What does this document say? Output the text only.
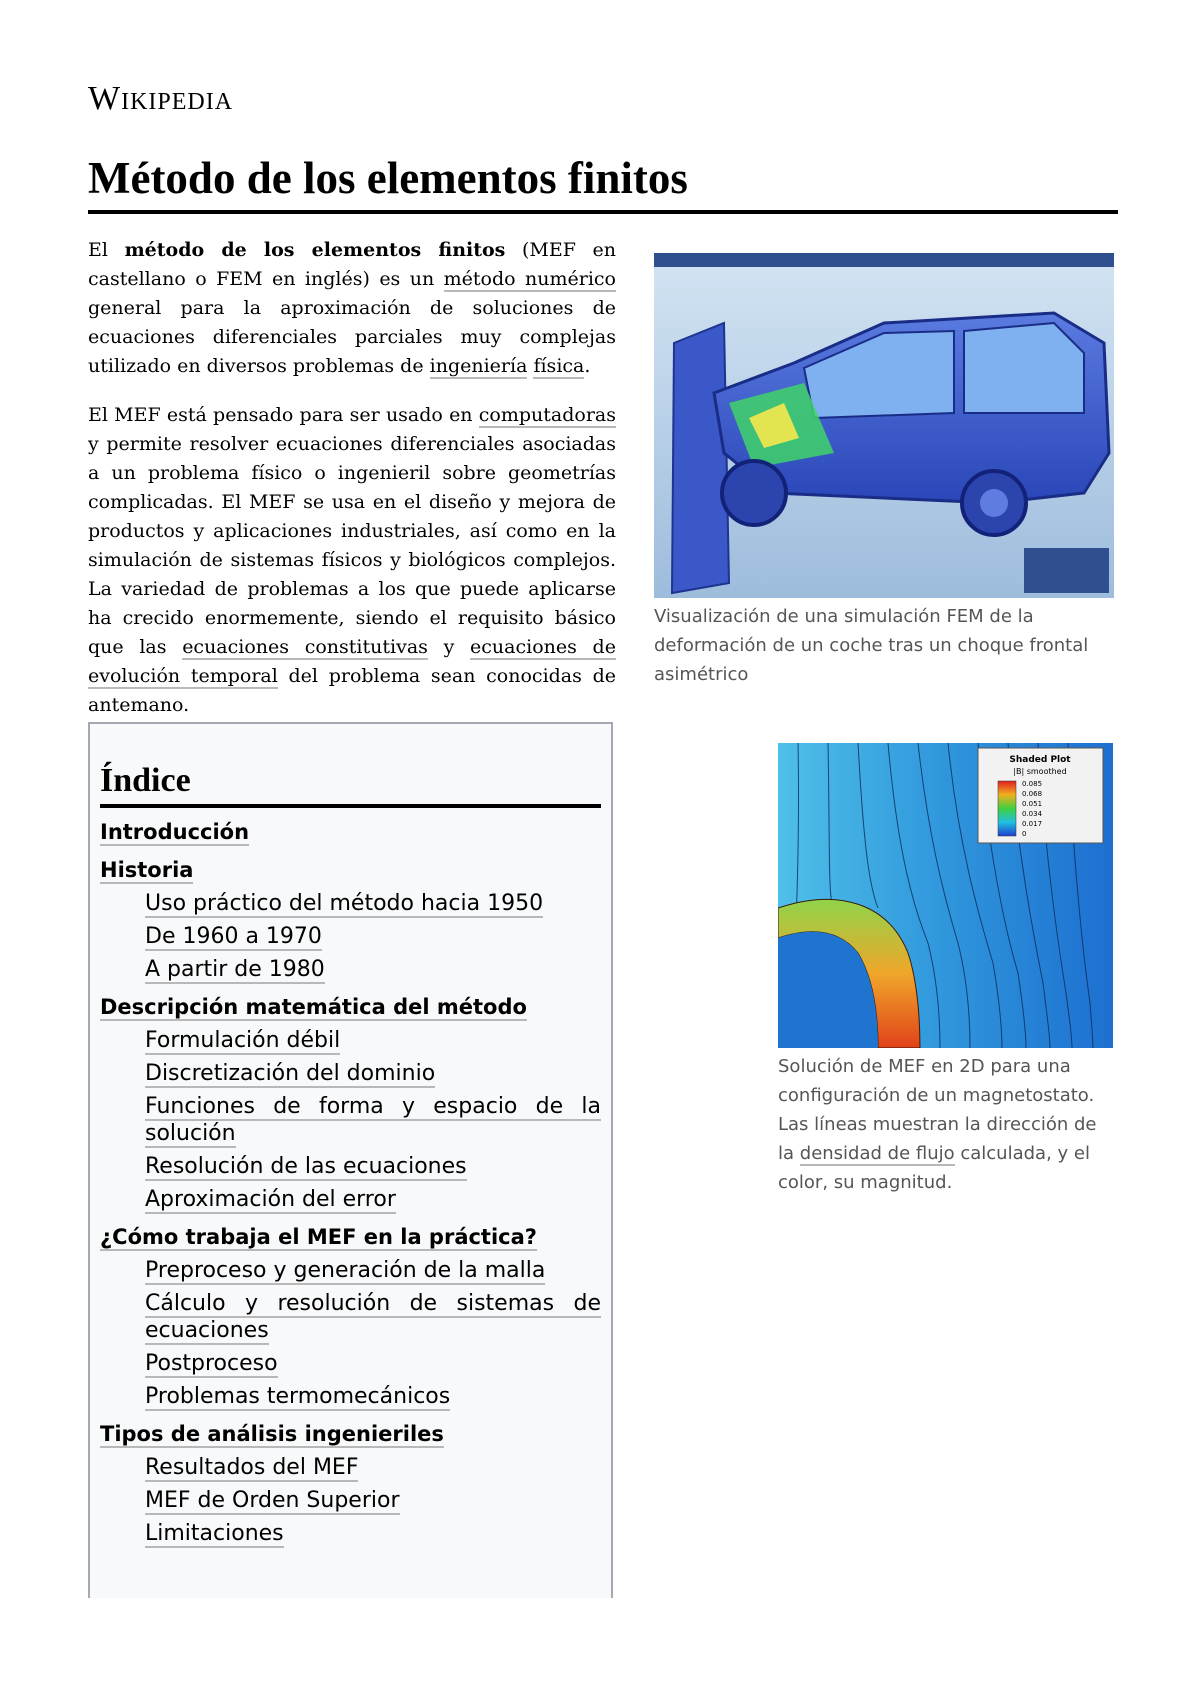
Wikipedia
Método de los elementos finitos

El método de los elementos finitos (MEF en castellano o FEM en inglés) es un método numérico general para la aproximación de soluciones de ecuaciones diferenciales parciales muy complejas utilizado en diversos problemas de ingeniería física.

El MEF está pensado para ser usado en computadoras y permite resolver ecuaciones diferenciales asociadas a un problema físico o ingenieril sobre geometrías complicadas. El MEF se usa en el diseño y mejora de productos y aplicaciones industriales, así como en la simulación de sistemas físicos y biológicos complejos. La variedad de problemas a los que puede aplicarse ha crecido enormemente, siendo el requisito básico que las ecuaciones constitutivas y ecuaciones de evolución temporal del problema sean conocidas de antemano.

Visualización de una simulación FEM de la deformación de un coche tras un choque frontal asimétrico
Shaded Plot
|B| smoothed
0.085
0.068
0.051
0.034
0.017
0
Solución de MEF en 2D para una configuración de un magnetostato. Las líneas muestran la dirección de la densidad de flujo calculada, y el color, su magnitud.
Índice
Introducción
Historia
Uso práctico del método hacia 1950
De 1960 a 1970
A partir de 1980
Descripción matemática del método
Formulación débil
Discretización del dominio
Funciones de forma y espacio de la solución
Resolución de las ecuaciones
Aproximación del error
¿Cómo trabaja el MEF en la práctica?
Preproceso y generación de la malla
Cálculo y resolución de sistemas de ecuaciones
Postproceso
Problemas termomecánicos
Tipos de análisis ingenieriles
Resultados del MEF
MEF de Orden Superior
Limitaciones
